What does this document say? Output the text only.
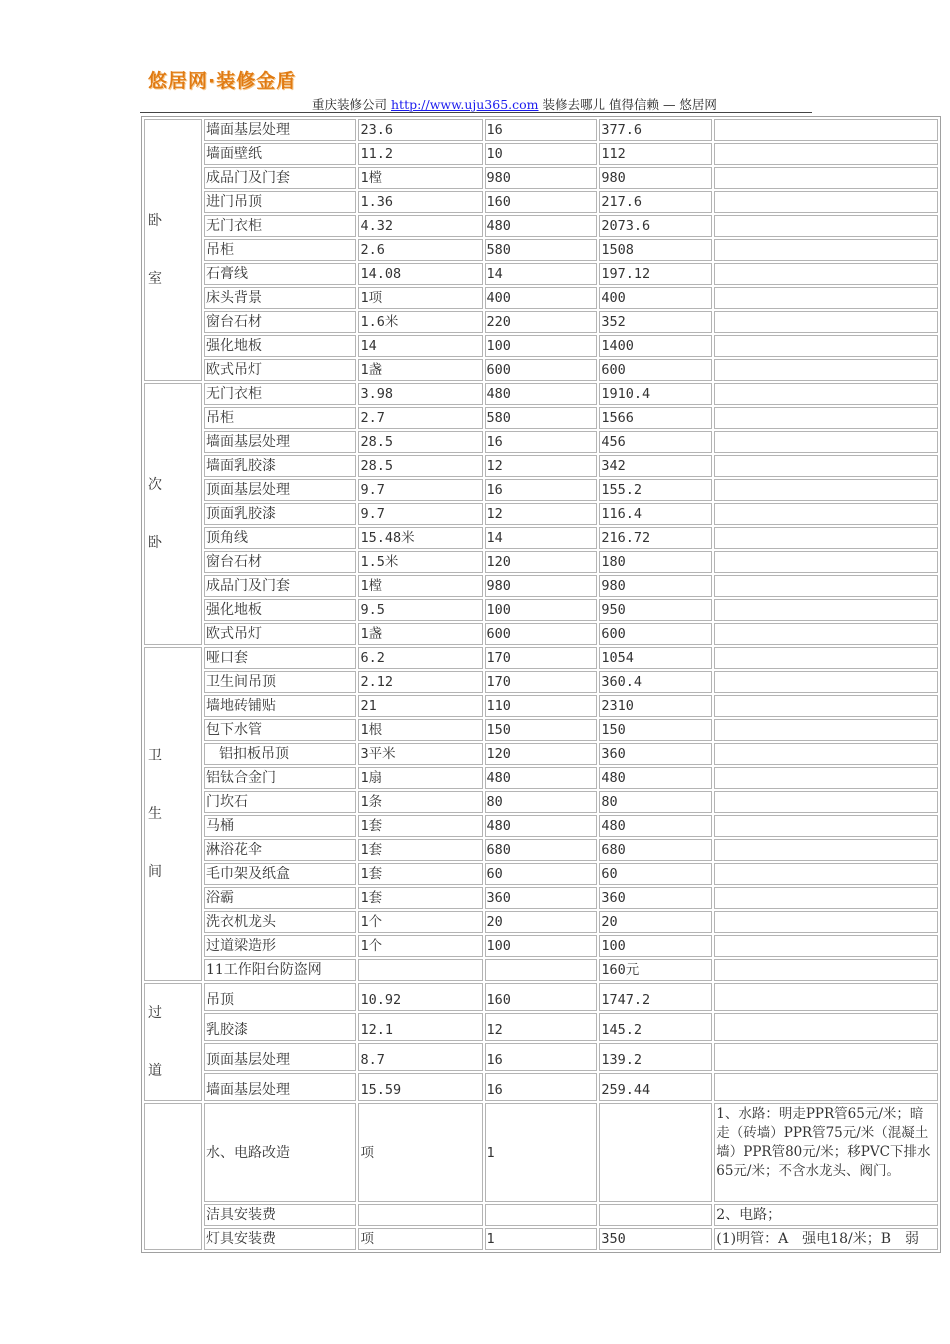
悠居网·装修金盾
重庆装修公司 http://www.uju365.com 装修去哪儿 值得信赖 — 悠居网
卧
室	墙面基层处理	23.6	16	377.6	
	墙面壁纸	11.2	10	112	
	成品门及门套	1樘	980	980	
	进门吊顶	1.36	160	217.6	
	无门衣柜	4.32	480	2073.6	
	吊柜	2.6	580	1508	
	石膏线	14.08	14	197.12	
	床头背景	1项	400	400	
	窗台石材	1.6米	220	352	
	强化地板	14	100	1400	
	欧式吊灯	1盏	600	600	

次
卧	无门衣柜	3.98	480	1910.4	
	吊柜	2.7	580	1566	
	墙面基层处理	28.5	16	456	
	墙面乳胶漆	28.5	12	342	
	顶面基层处理	9.7	16	155.2	
	顶面乳胶漆	9.7	12	116.4	
	顶角线	15.48米	14	216.72	
	窗台石材	1.5米	120	180	
	成品门及门套	1樘	980	980	
	强化地板	9.5	100	950	
	欧式吊灯	1盏	600	600	

卫
生
间	哑口套	6.2	170	1054	
	卫生间吊顶	2.12	170	360.4	
	墙地砖铺贴	21	110	2310	
	包下水管	1根	150	150	
	铝扣板吊顶	3平米	120	360	
	铝钛合金门	1扇	480	480	
	门坎石	1条	80	80	
	马桶	1套	480	480	
	淋浴花伞	1套	680	680	
	毛巾架及纸盒	1套	60	60	
	浴霸	1套	360	360	
	洗衣机龙头	1个	20	20	
	过道梁造形	1个	100	100	
	11工作阳台防盗网			160元	

过
道	吊顶	10.92	160	1747.2	
	乳胶漆	12.1	12	145.2	
	顶面基层处理	8.7	16	139.2	
	墙面基层处理	15.59	16	259.44	

	水、电路改造	项	1		1、水路：明走PPR管65元/米；暗走（砖墙）PPR管75元/米（混凝土墙）PPR管80元/米；移PVC下排水65元/米；不含水龙头、阀门。
	洁具安装费				2、电路；
	灯具安装费	项	1	350	(1)明管：A　强电18/米；B　弱
